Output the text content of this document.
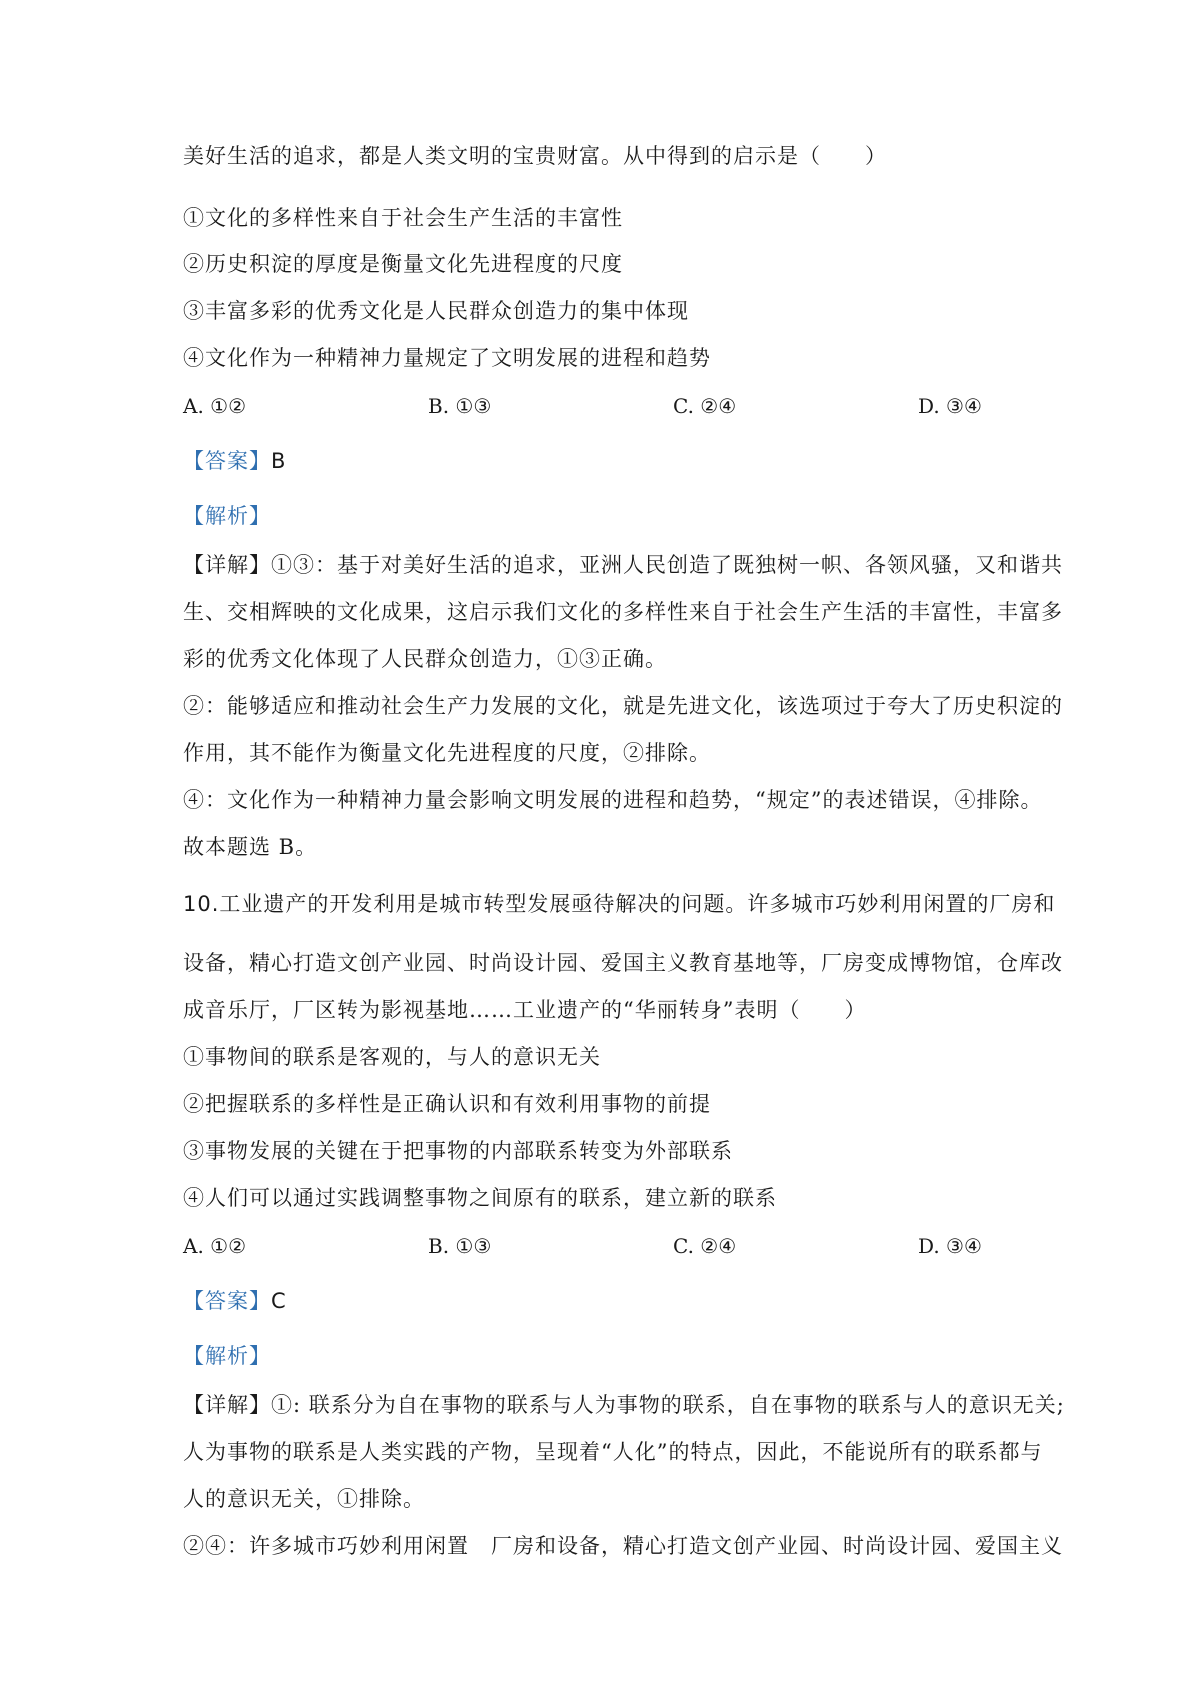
美好生活的追求，都是人类文明的宝贵财富。从中得到的启示是（　　）
①文化的多样性来自于社会生产生活的丰富性
②历史积淀的厚度是衡量文化先进程度的尺度
③丰富多彩的优秀文化是人民群众创造力的集中体现
④文化作为一种精神力量规定了文明发展的进程和趋势
A. ①②	B. ①③	C. ②④	D. ③④
【答案】B
【解析】
【详解】①③：基于对美好生活的追求，亚洲人民创造了既独树一帜、各领风骚，又和谐共
生、交相辉映的文化成果，这启示我们文化的多样性来自于社会生产生活的丰富性，丰富多
彩的优秀文化体现了人民群众创造力，①③正确。
②：能够适应和推动社会生产力发展的文化，就是先进文化，该选项过于夸大了历史积淀的
作用，其不能作为衡量文化先进程度的尺度，②排除。
④：文化作为一种精神力量会影响文明发展的进程和趋势，“规定”的表述错误，④排除。
故本题选 B。
10.工业遗产的开发利用是城市转型发展亟待解决的问题。许多城市巧妙利用闲置的厂房和
设备，精心打造文创产业园、时尚设计园、爱国主义教育基地等，厂房变成博物馆，仓库改
成音乐厅，厂区转为影视基地……工业遗产的“华丽转身”表明（　　）
①事物间的联系是客观的，与人的意识无关
②把握联系的多样性是正确认识和有效利用事物的前提
③事物发展的关键在于把事物的内部联系转变为外部联系
④人们可以通过实践调整事物之间原有的联系，建立新的联系
A. ①②	B. ①③	C. ②④	D. ③④
【答案】C
【解析】
【详解】①: 联系分为自在事物的联系与人为事物的联系，自在事物的联系与人的意识无关;
人为事物的联系是人类实践的产物，呈现着“人化”的特点，因此，不能说所有的联系都与
人的意识无关，①排除。
②④：许多城市巧妙利用闲置　厂房和设备，精心打造文创产业园、时尚设计园、爱国主义
